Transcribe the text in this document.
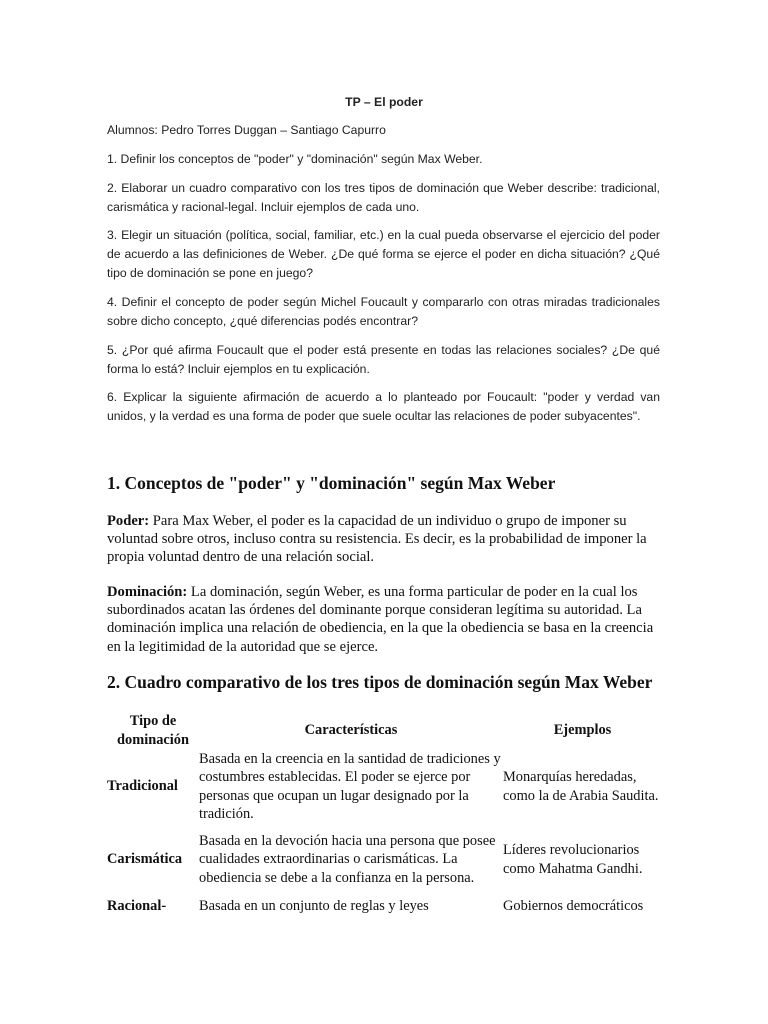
TP – El poder
Alumnos: Pedro Torres Duggan – Santiago Capurro
1. Definir los conceptos de "poder" y "dominación" según Max Weber.
2. Elaborar un cuadro comparativo con los tres tipos de dominación que Weber describe: tradicional, carismática y racional-legal. Incluir ejemplos de cada uno.
3. Elegir un situación (política, social, familiar, etc.) en la cual pueda observarse el ejercicio del poder de acuerdo a las definiciones de Weber. ¿De qué forma se ejerce el poder en dicha situación? ¿Qué tipo de dominación se pone en juego?
4. Definir el concepto de poder según Michel Foucault y compararlo con otras miradas tradicionales sobre dicho concepto, ¿qué diferencias podés encontrar?
5. ¿Por qué afirma Foucault que el poder está presente en todas las relaciones sociales? ¿De qué forma lo está? Incluir ejemplos en tu explicación.
6. Explicar la siguiente afirmación de acuerdo a lo planteado por Foucault: "poder y verdad van unidos, y la verdad es una forma de poder que suele ocultar las relaciones de poder subyacentes".
1. Conceptos de "poder" y "dominación" según Max Weber
Poder: Para Max Weber, el poder es la capacidad de un individuo o grupo de imponer su voluntad sobre otros, incluso contra su resistencia. Es decir, es la probabilidad de imponer la propia voluntad dentro de una relación social.
Dominación: La dominación, según Weber, es una forma particular de poder en la cual los subordinados acatan las órdenes del dominante porque consideran legítima su autoridad. La dominación implica una relación de obediencia, en la que la obediencia se basa en la creencia en la legitimidad de la autoridad que se ejerce.
2. Cuadro comparativo de los tres tipos de dominación según Max Weber
Tipo de dominación	Características	Ejemplos
Tradicional	Basada en la creencia en la santidad de tradiciones y costumbres establecidas. El poder se ejerce por personas que ocupan un lugar designado por la tradición.	Monarquías heredadas, como la de Arabia Saudita.
Carismática	Basada en la devoción hacia una persona que posee cualidades extraordinarias o carismáticas. La obediencia se debe a la confianza en la persona.	Líderes revolucionarios como Mahatma Gandhi.
Racional-	Basada en un conjunto de reglas y leyes	Gobiernos democráticos
